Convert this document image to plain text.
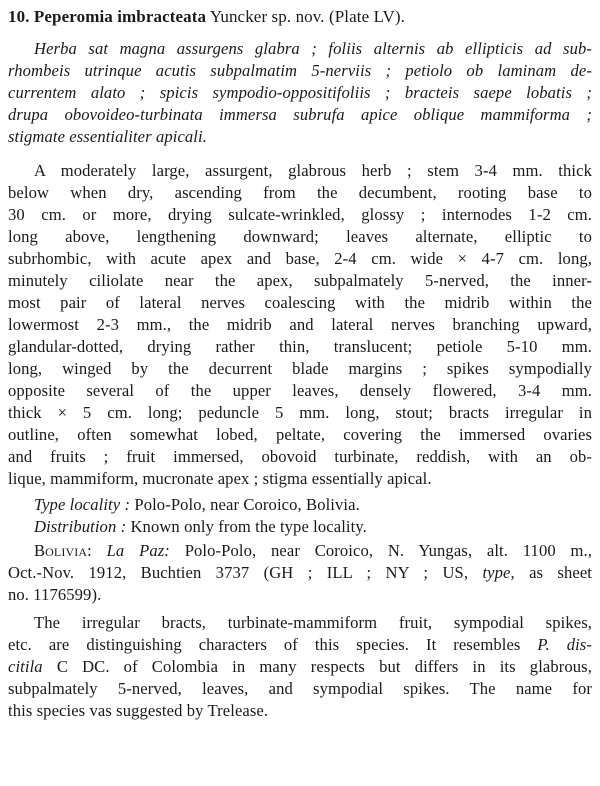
10. Peperomia imbracteata Yuncker sp. nov. (Plate LV).
Herba sat magna assurgens glabra ; foliis alternis ab ellipticis ad sub-
rhombeis utrinque acutis subpalmatim 5-nerviis ; petiolo ob laminam de-
currentem alato ; spicis sympodio-oppositifoliis ; bracteis saepe lobatis ;
drupa obovoideo-turbinata immersa subrufa apice oblique mammiforma ;
stigmate essentialiter apicali.
A moderately large, assurgent, glabrous herb ; stem 3-4 mm. thick
below when dry, ascending from the decumbent, rooting base to
30 cm. or more, drying sulcate-wrinkled, glossy ; internodes 1-2 cm.
long above, lengthening downward; leaves alternate, elliptic to
subrhombic, with acute apex and base, 2-4 cm. wide × 4-7 cm. long,
minutely ciliolate near the apex, subpalmately 5-nerved, the inner-
most pair of lateral nerves coalescing with the midrib within the
lowermost 2-3 mm., the midrib and lateral nerves branching upward,
glandular-dotted, drying rather thin, translucent; petiole 5-10 mm.
long, winged by the decurrent blade margins ; spikes sympodially
opposite several of the upper leaves, densely flowered, 3-4 mm.
thick × 5 cm. long; peduncle 5 mm. long, stout; bracts irregular in
outline, often somewhat lobed, peltate, covering the immersed ovaries
and fruits ; fruit immersed, obovoid turbinate, reddish, with an ob-
lique, mammiform, mucronate apex ; stigma essentially apical.
Type locality : Polo-Polo, near Coroico, Bolivia.
Distribution : Known only from the type locality.
Bolivia: La Paz: Polo-Polo, near Coroico, N. Yungas, alt. 1100 m.,
Oct.-Nov. 1912, Buchtien 3737 (GH ; ILL ; NY ; US, type, as sheet
no. 1176599).
The irregular bracts, turbinate-mammiform fruit, sympodial spikes,
etc. are distinguishing characters of this species. It resembles P. dis-
citila C DC. of Colombia in many respects but differs in its glabrous,
subpalmately 5-nerved, leaves, and sympodial spikes. The name for
this species vas suggested by Trelease.
